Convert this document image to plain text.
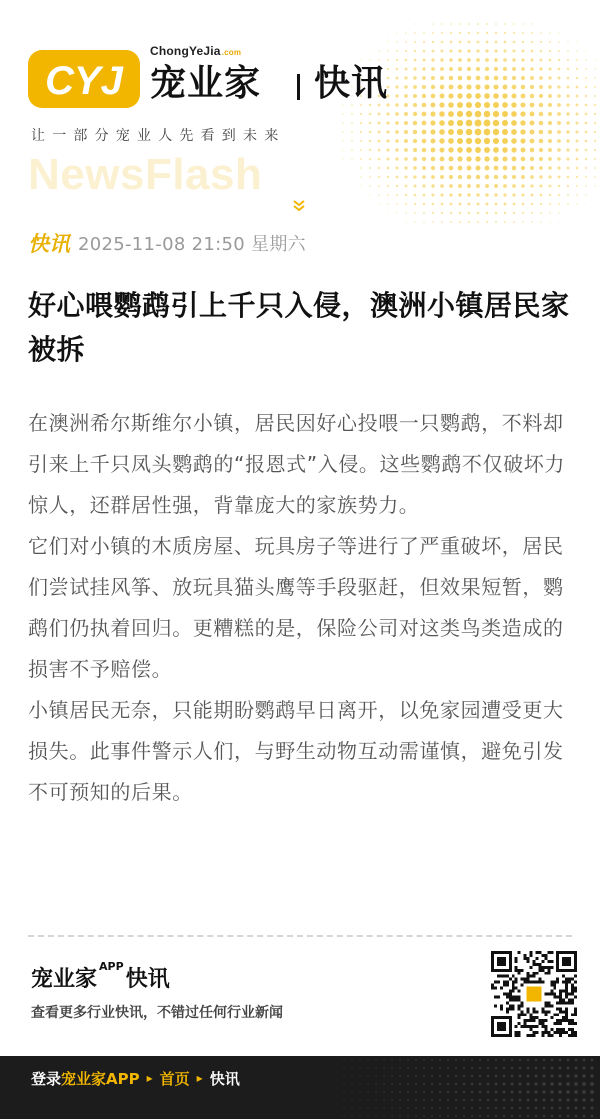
CYJ
ChongYeJia.com
宠业家 快讯
让一部分宠业人先看到未来
NewsFlash
快讯 2025-11-08 21:50 星期六
好心喂鹦鹉引上千只入侵，澳洲小镇居民家被拆

在澳洲希尔斯维尔小镇，居民因好心投喂一只鹦鹉，不料却引来上千只凤头鹦鹉的“报恩式”入侵。这些鹦鹉不仅破坏力惊人，还群居性强，背靠庞大的家族势力。

它们对小镇的木质房屋、玩具房子等进行了严重破坏，居民们尝试挂风筝、放玩具猫头鹰等手段驱赶，但效果短暂，鹦鹉们仍执着回归。更糟糕的是，保险公司对这类鸟类造成的损害不予赔偿。

小镇居民无奈，只能期盼鹦鹉早日离开，以免家园遭受更大损失。此事件警示人们，与野生动物互动需谨慎，避免引发不可预知的后果。

宠业家$^{APP}$快讯
查看更多行业快讯，不错过任何行业新闻
登录 宠业家APP ▸ 首页 ▸ 快讯
